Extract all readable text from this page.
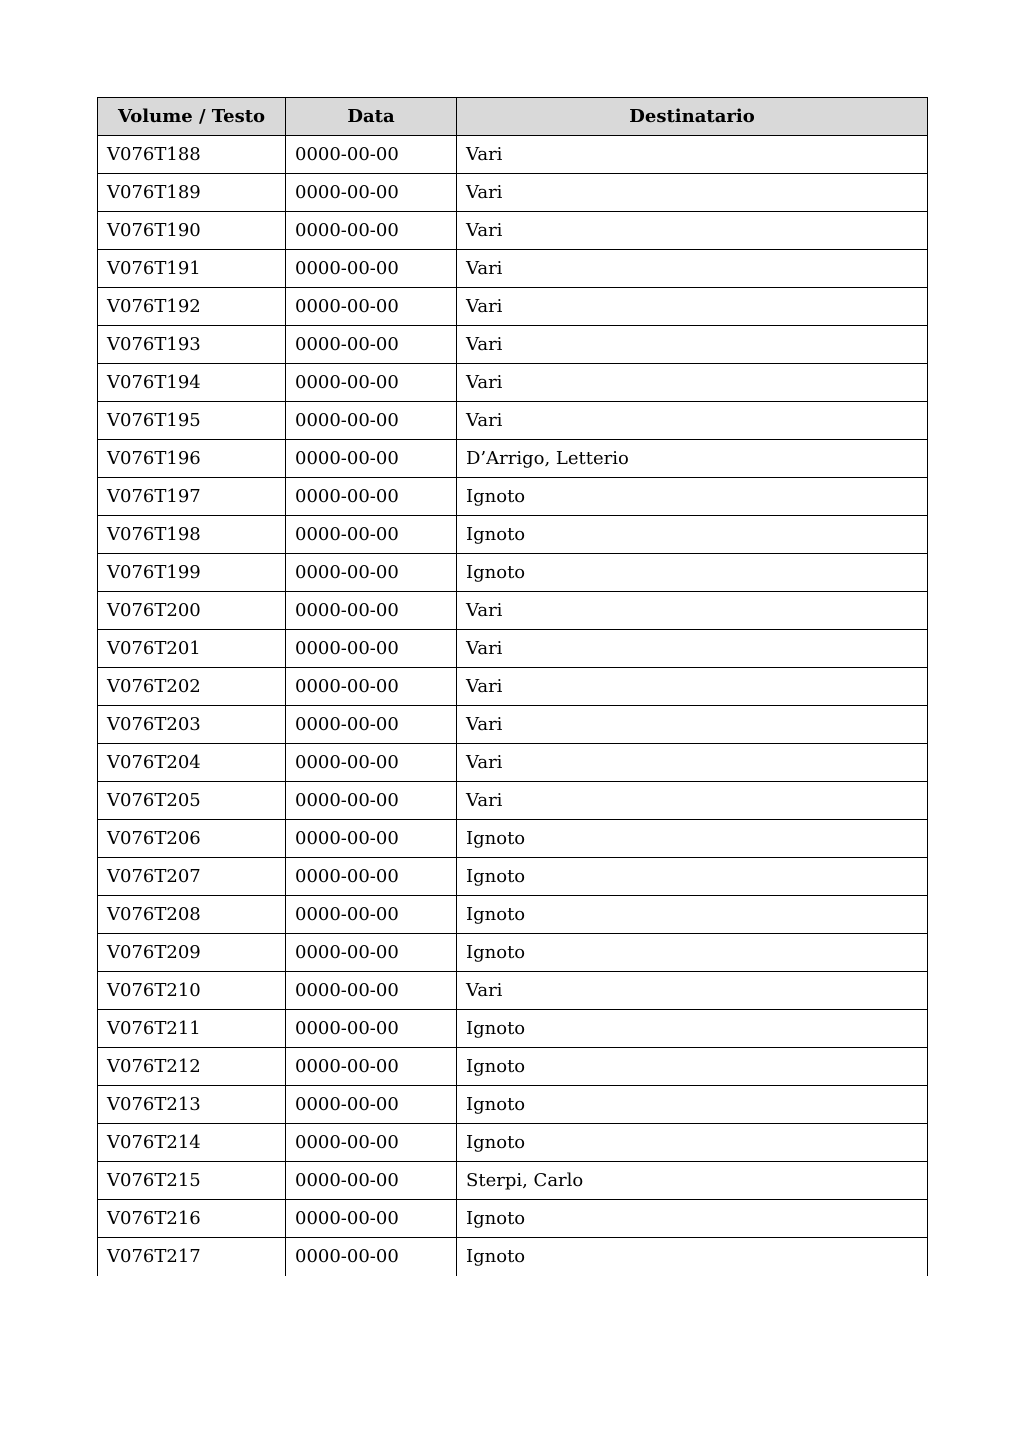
Volume / Testo	Data	Destinatario
V076T188	0000-00-00	Vari
V076T189	0000-00-00	Vari
V076T190	0000-00-00	Vari
V076T191	0000-00-00	Vari
V076T192	0000-00-00	Vari
V076T193	0000-00-00	Vari
V076T194	0000-00-00	Vari
V076T195	0000-00-00	Vari
V076T196	0000-00-00	D’Arrigo, Letterio
V076T197	0000-00-00	Ignoto
V076T198	0000-00-00	Ignoto
V076T199	0000-00-00	Ignoto
V076T200	0000-00-00	Vari
V076T201	0000-00-00	Vari
V076T202	0000-00-00	Vari
V076T203	0000-00-00	Vari
V076T204	0000-00-00	Vari
V076T205	0000-00-00	Vari
V076T206	0000-00-00	Ignoto
V076T207	0000-00-00	Ignoto
V076T208	0000-00-00	Ignoto
V076T209	0000-00-00	Ignoto
V076T210	0000-00-00	Vari
V076T211	0000-00-00	Ignoto
V076T212	0000-00-00	Ignoto
V076T213	0000-00-00	Ignoto
V076T214	0000-00-00	Ignoto
V076T215	0000-00-00	Sterpi, Carlo
V076T216	0000-00-00	Ignoto
V076T217	0000-00-00	Ignoto
